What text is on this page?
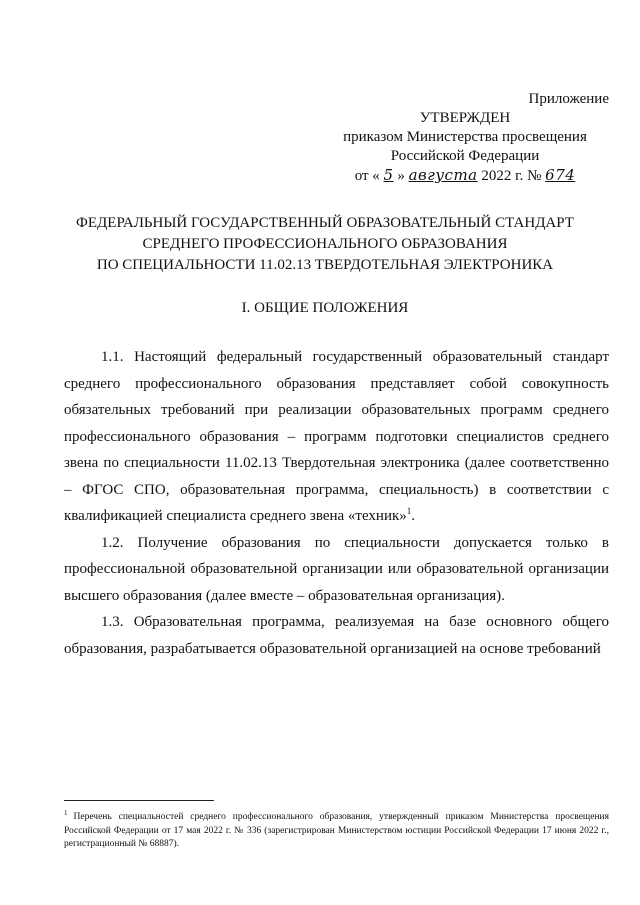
Приложение
УТВЕРЖДЕН
приказом Министерства просвещения
Российской Федерации
от « 5 » августа 2022 г. № 674
ФЕДЕРАЛЬНЫЙ ГОСУДАРСТВЕННЫЙ ОБРАЗОВАТЕЛЬНЫЙ СТАНДАРТ
СРЕДНЕГО ПРОФЕССИОНАЛЬНОГО ОБРАЗОВАНИЯ
ПО СПЕЦИАЛЬНОСТИ 11.02.13 ТВЕРДОТЕЛЬНАЯ ЭЛЕКТРОНИКА
I. ОБЩИЕ ПОЛОЖЕНИЯ

1.1. Настоящий федеральный государственный образовательный стандарт среднего профессионального образования представляет собой совокупность обязательных требований при реализации образовательных программ среднего профессионального образования – программ подготовки специалистов среднего звена по специальности 11.02.13 Твердотельная электроника (далее соответственно – ФГОС СПО, образовательная программа, специальность) в соответствии с квалификацией специалиста среднего звена «техник»$^1$.

1.2. Получение образования по специальности допускается только в профессиональной образовательной организации или образовательной организации высшего образования (далее вместе – образовательная организация).

1.3. Образовательная программа, реализуемая на базе основного общего образования, разрабатывается образовательной организацией на основе требований

$^1$ Перечень специальностей среднего профессионального образования, утвержденный приказом Министерства просвещения Российской Федерации от 17 мая 2022 г. № 336 (зарегистрирован Министерством юстиции Российской Федерации 17 июня 2022 г., регистрационный № 68887).
